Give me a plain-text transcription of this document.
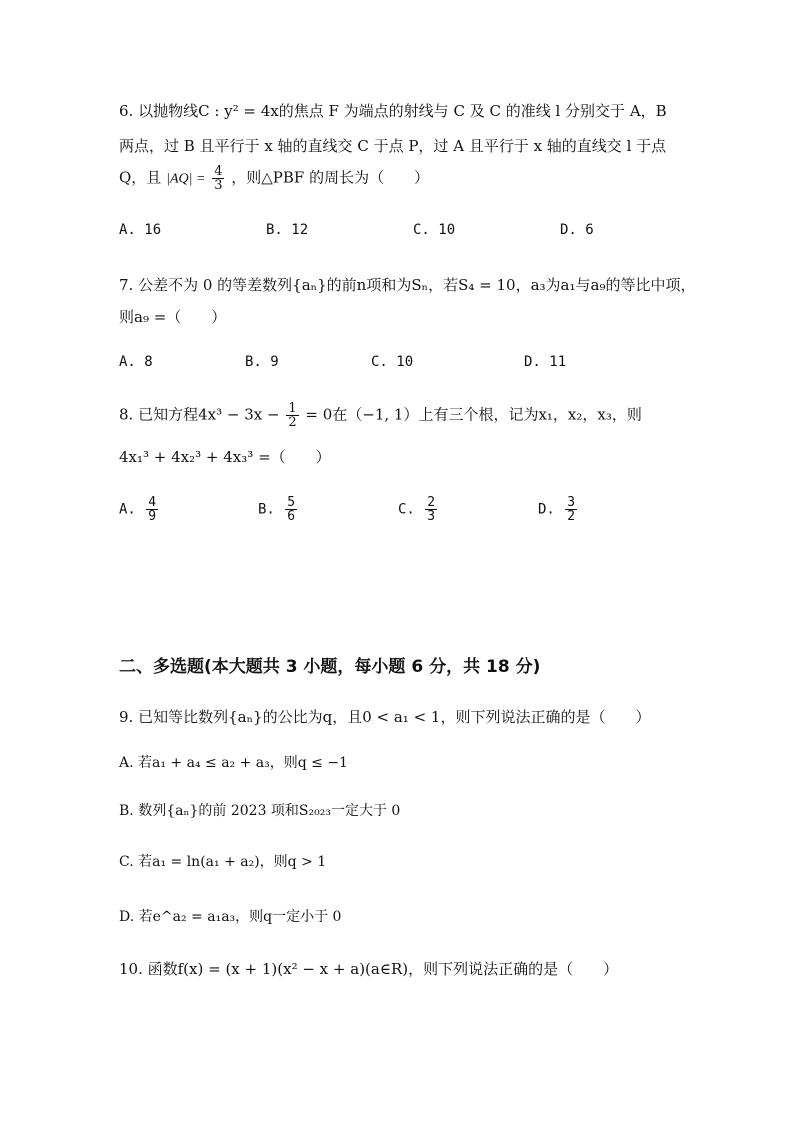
6. 以抛物线C : y² = 4x的焦点 F 为端点的射线与 C 及 C 的准线 l 分别交于 A，B
两点，过 B 且平行于 x 轴的直线交 C 于点 P，过 A 且平行于 x 轴的直线交 l 于点
Q，且 $|AQ| = \frac{4}{3}$ ，则△PBF 的周长为（　　）
A. 16	B. 12	C. 10	D. 6
7. 公差不为 0 的等差数列{aₙ}的前n项和为Sₙ，若S₄ = 10，a₃为a₁与a₉的等比中项，
则a₉ =（　　）
A. 8	B. 9	C. 10	D. 11
8. 已知方程$4x^3 - 3x - \frac{1}{2} = 0$在（−1, 1）上有三个根，记为x₁，x₂，x₃，则
4x₁³ + 4x₂³ + 4x₃³ =（　　）
A. $\frac{4}{9}$	B. $\frac{5}{6}$	C. $\frac{2}{3}$	D. $\frac{3}{2}$
二、多选题(本大题共 3 小题，每小题 6 分，共 18 分)
9. 已知等比数列{aₙ}的公比为q，且0 < a₁ < 1，则下列说法正确的是（　　）
A. 若a₁ + a₄ ≤ a₂ + a₃，则q ≤ −1
B. 数列{aₙ}的前 2023 项和S₂₀₂₃一定大于 0
C. 若a₁ = ln(a₁ + a₂)，则q > 1
D. 若e^a₂ = a₁a₃，则q一定小于 0
10. 函数f(x) = (x + 1)(x² − x + a)(a∈R)，则下列说法正确的是（　　）
